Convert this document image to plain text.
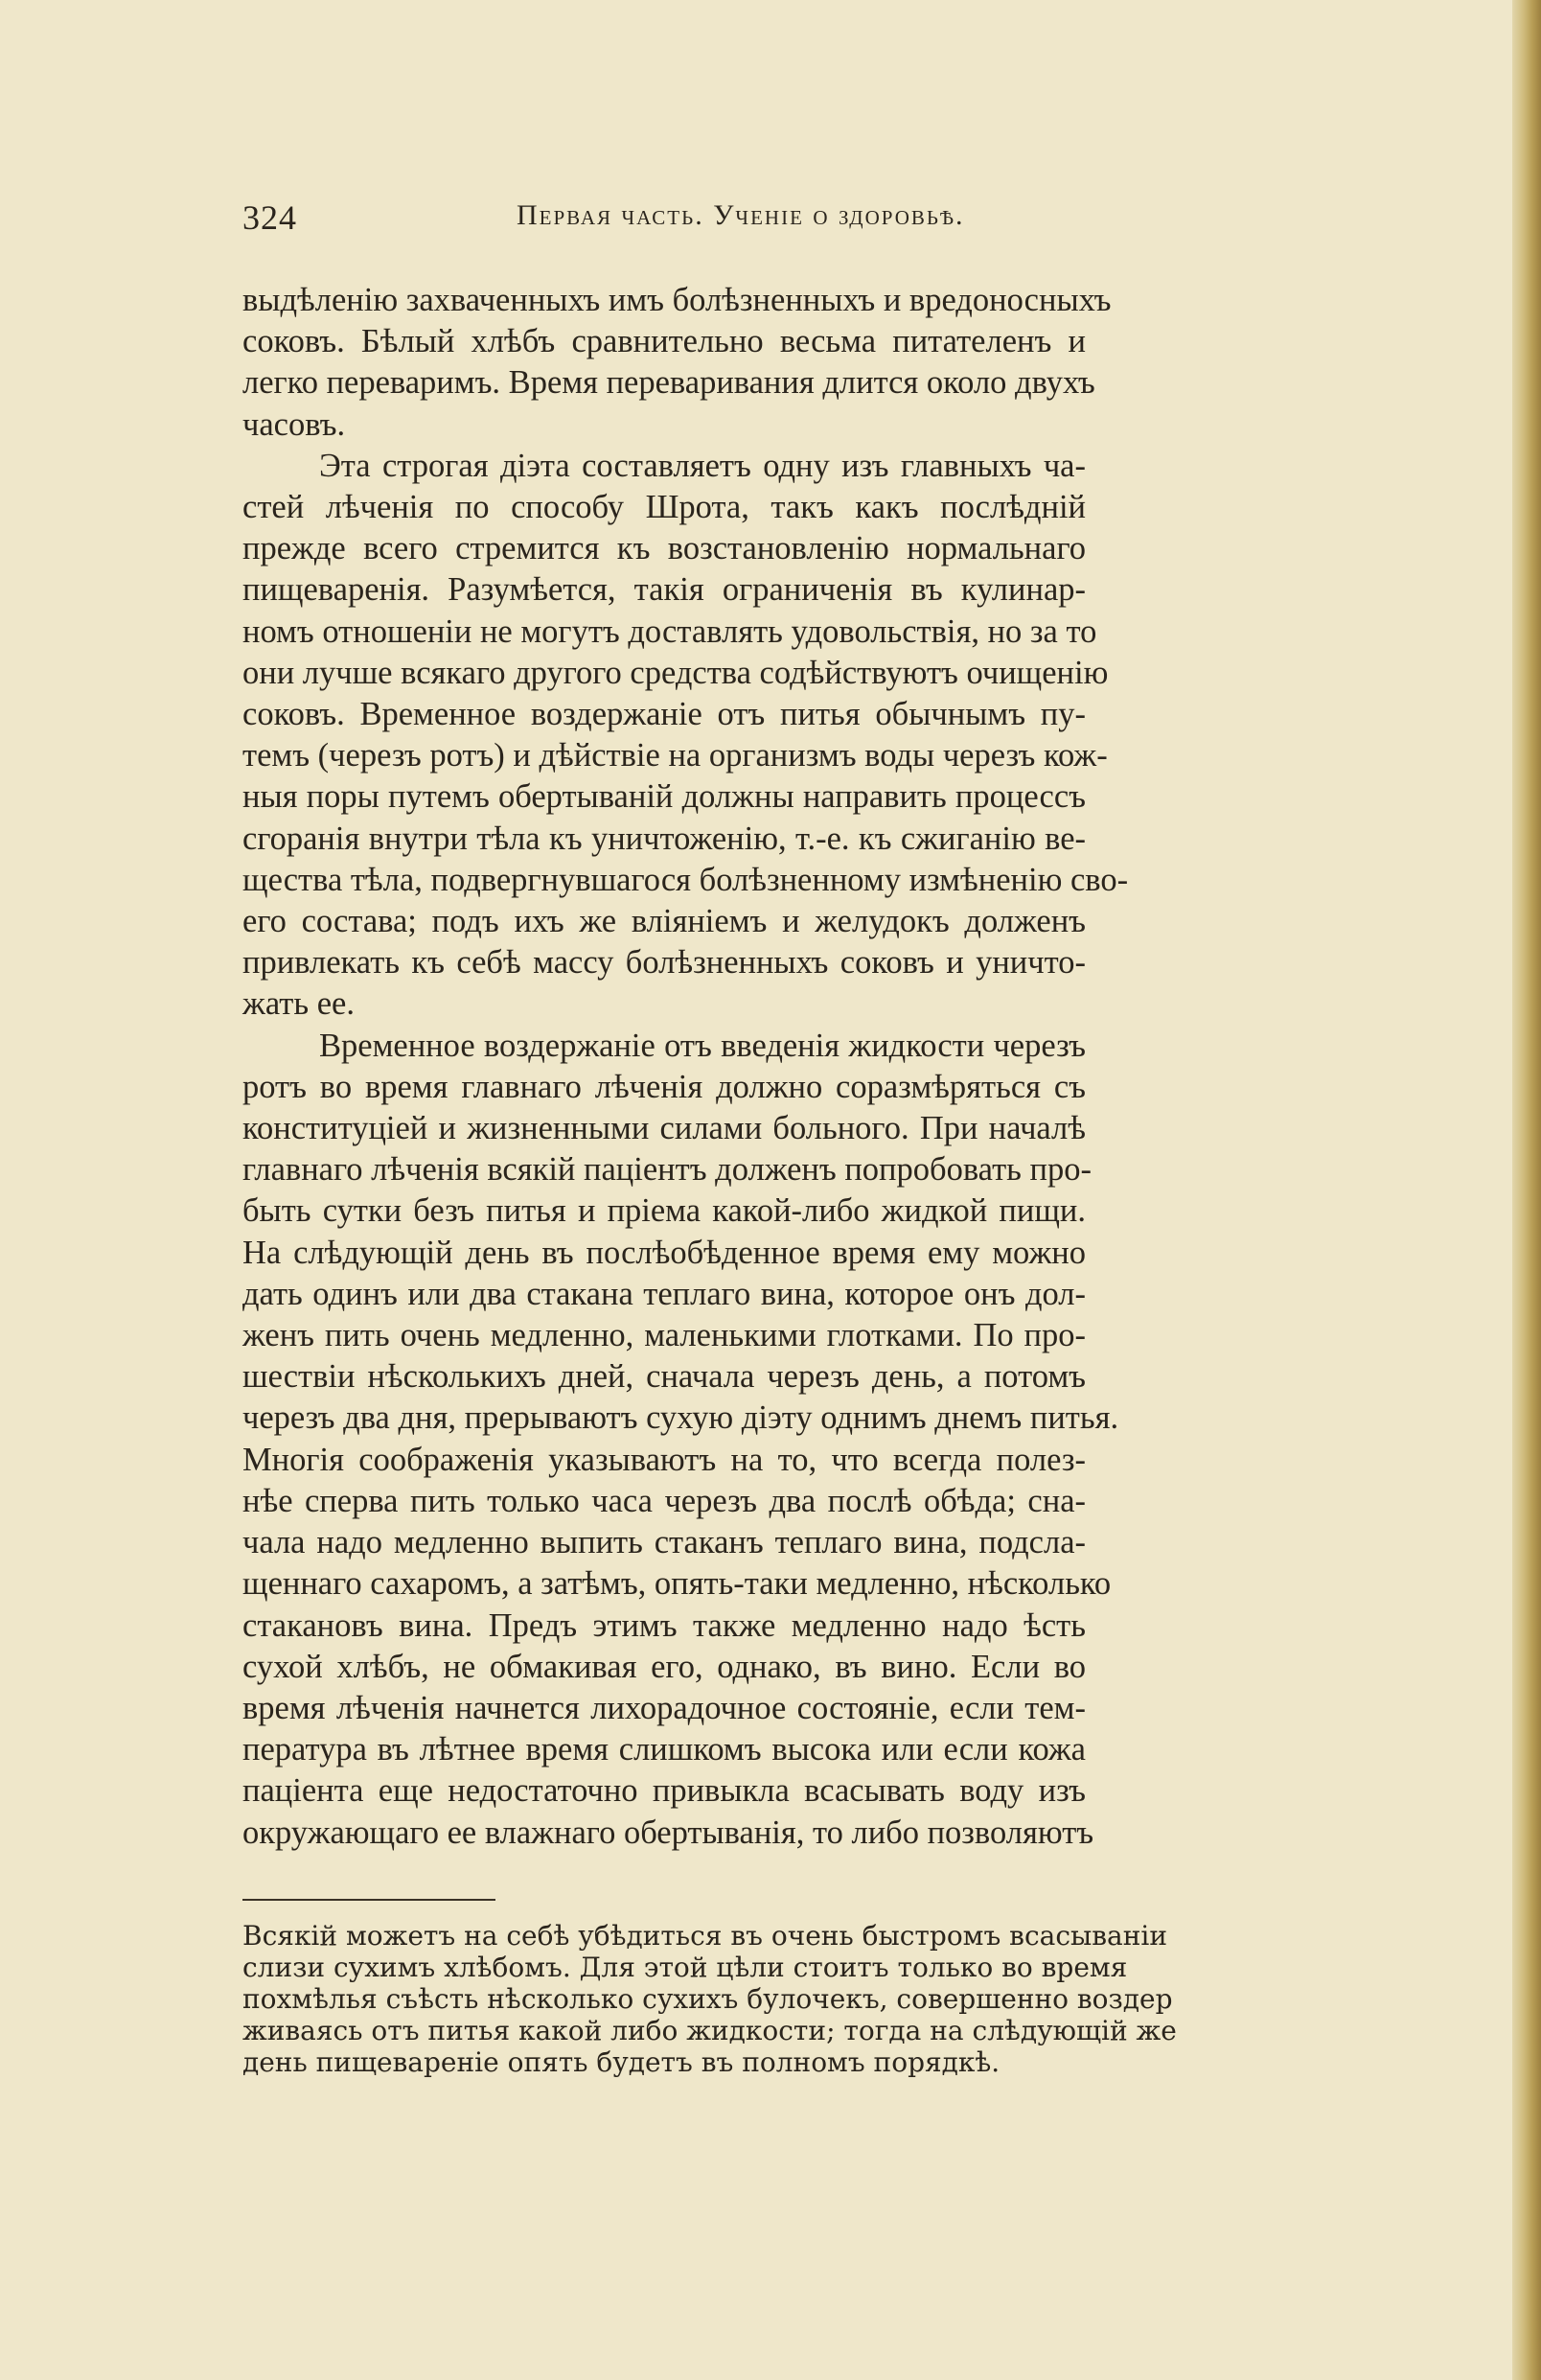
324	Первая часть. Ученіе о здоровьѣ.

выдѣленію захваченныхъ имъ болѣзненныхъ и вредоносныхъ
соковъ. Бѣлый хлѣбъ сравнительно весьма питателенъ и
легко переваримъ. Время переваривания длится около двухъ
часовъ.

Эта строгая діэта составляетъ одну изъ главныхъ ча-
стей лѣченія по способу Шрота, такъ какъ послѣдній
прежде всего стремится къ возстановленію нормальнаго
пищеваренія. Разумѣется, такія ограниченія въ кулинар-
номъ отношеніи не могутъ доставлять удовольствія, но за то
они лучше всякаго другого средства содѣйствуютъ очищенію
соковъ. Временное воздержаніе отъ питья обычнымъ пу-
темъ (черезъ ротъ) и дѣйствіе на организмъ воды черезъ кож-
ныя поры путемъ обертываній должны направить процессъ
сгоранія внутри тѣла къ уничтоженію, т.-е. къ сжиганію ве-
щества тѣла, подвергнувшагося болѣзненному измѣненію сво-
его состава; подъ ихъ же вліяніемъ и желудокъ долженъ
привлекать къ себѣ массу болѣзненныхъ соковъ и уничто-
жать ее.

Временное воздержаніе отъ введенія жидкости черезъ
ротъ во время главнаго лѣченія должно соразмѣряться съ
конституціей и жизненными силами больного. При началѣ
главнаго лѣченія всякій паціентъ долженъ попробовать про-
быть сутки безъ питья и пріема какой-либо жидкой пищи.
На слѣдующій день въ послѣобѣденное время ему можно
дать одинъ или два стакана теплаго вина, которое онъ дол-
женъ пить очень медленно, маленькими глотками. По про-
шествіи нѣсколькихъ дней, сначала черезъ день, а потомъ
черезъ два дня, прерываютъ сухую діэту однимъ днемъ питья.
Многія соображенія указываютъ на то, что всегда полез-
нѣе сперва пить только часа черезъ два послѣ обѣда; сна-
чала надо медленно выпить стаканъ теплаго вина, подсла-
щеннаго сахаромъ, а затѣмъ, опять-таки медленно, нѣсколько
стакановъ вина. Предъ этимъ также медленно надо ѣсть
сухой хлѣбъ, не обмакивая его, однако, въ вино. Если во
время лѣченія начнется лихорадочное состояніе, если тем-
пература въ лѣтнее время слишкомъ высока или если кожа
паціента еще недостаточно привыкла всасывать воду изъ
окружающаго ее влажнаго обертыванія, то либо позволяютъ

Всякій можетъ на себѣ убѣдиться въ очень быстромъ всасываніи
слизи сухимъ хлѣбомъ. Для этой цѣли стоитъ только во время
похмѣлья съѣсть нѣсколько сухихъ булочекъ, совершенно воздер
живаясь отъ питья какой либо жидкости; тогда на слѣдующій же
день пищевареніе опять будетъ въ полномъ порядкѣ.
